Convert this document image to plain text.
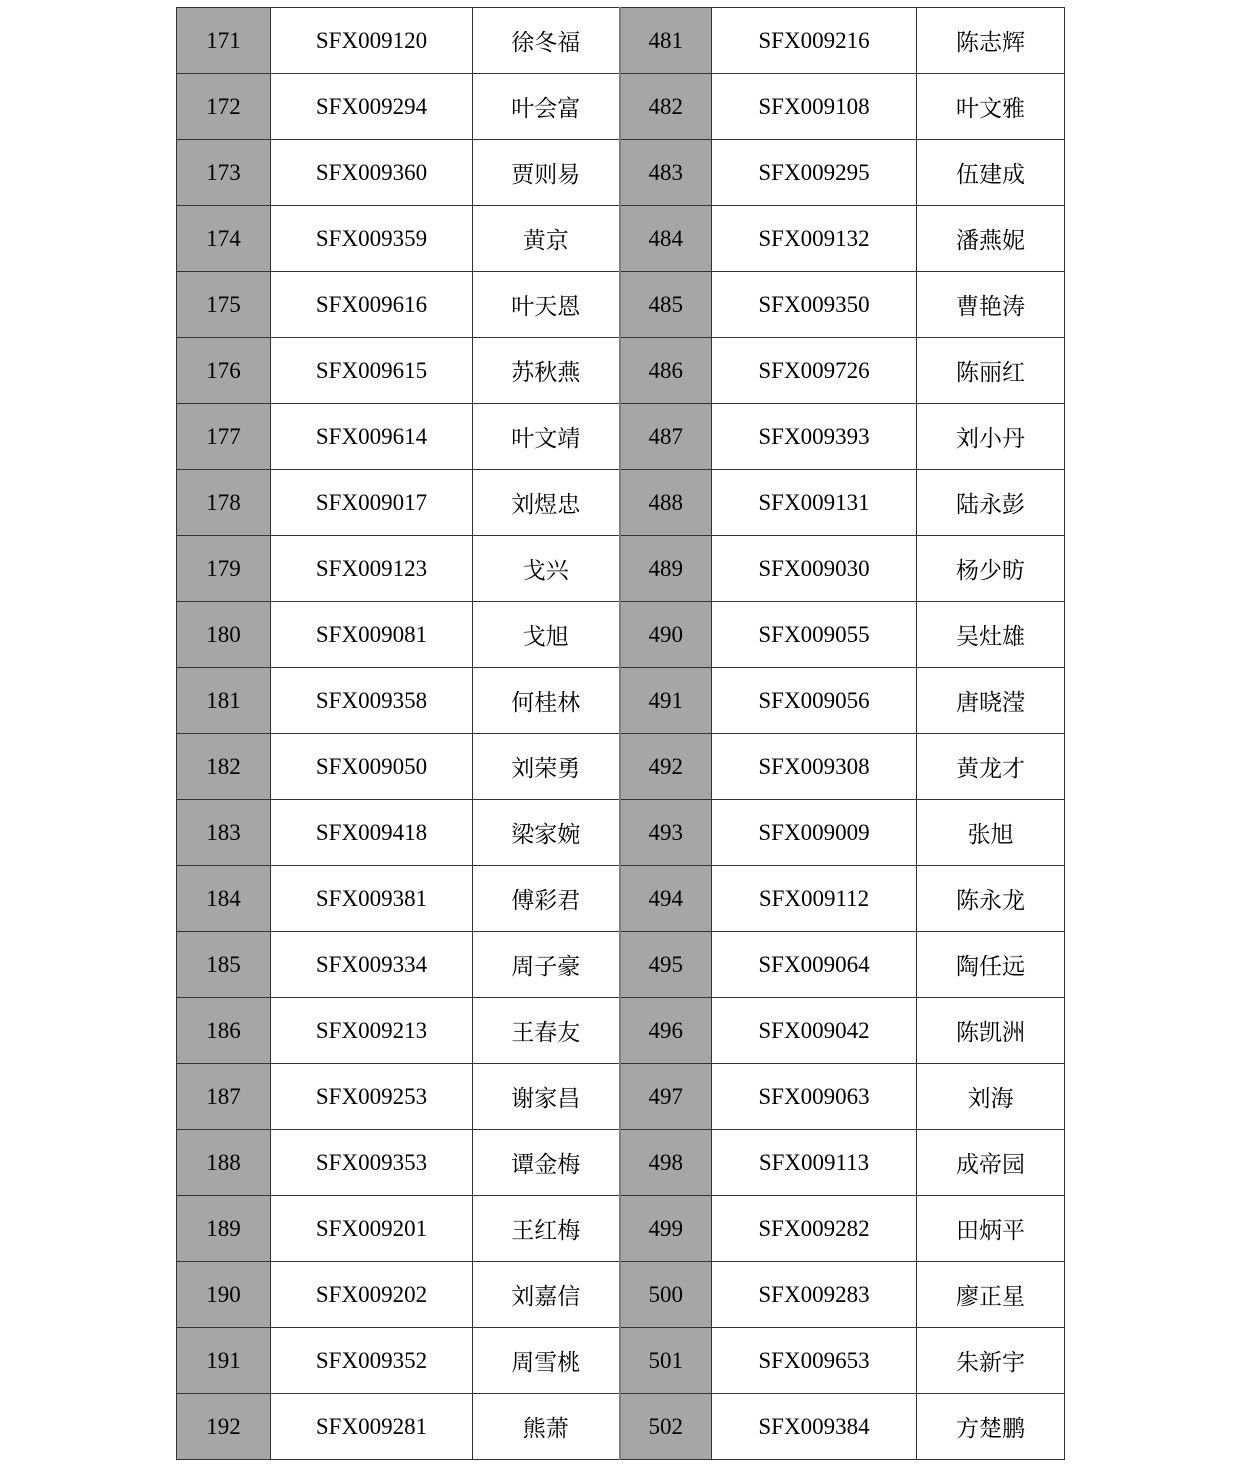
171	SFX009120	徐冬福	481	SFX009216	陈志辉
172	SFX009294	叶会富	482	SFX009108	叶文雅
173	SFX009360	贾则易	483	SFX009295	伍建成
174	SFX009359	黄京	484	SFX009132	潘燕妮
175	SFX009616	叶天恩	485	SFX009350	曹艳涛
176	SFX009615	苏秋燕	486	SFX009726	陈丽红
177	SFX009614	叶文靖	487	SFX009393	刘小丹
178	SFX009017	刘煜忠	488	SFX009131	陆永彭
179	SFX009123	戈兴	489	SFX009030	杨少昉
180	SFX009081	戈旭	490	SFX009055	吴灶雄
181	SFX009358	何桂林	491	SFX009056	唐晓滢
182	SFX009050	刘荣勇	492	SFX009308	黄龙才
183	SFX009418	梁家婉	493	SFX009009	张旭
184	SFX009381	傅彩君	494	SFX009112	陈永龙
185	SFX009334	周子豪	495	SFX009064	陶任远
186	SFX009213	王春友	496	SFX009042	陈凯洲
187	SFX009253	谢家昌	497	SFX009063	刘海
188	SFX009353	谭金梅	498	SFX009113	成帝园
189	SFX009201	王红梅	499	SFX009282	田炳平
190	SFX009202	刘嘉信	500	SFX009283	廖正星
191	SFX009352	周雪桃	501	SFX009653	朱新宇
192	SFX009281	熊萧	502	SFX009384	方楚鹏
